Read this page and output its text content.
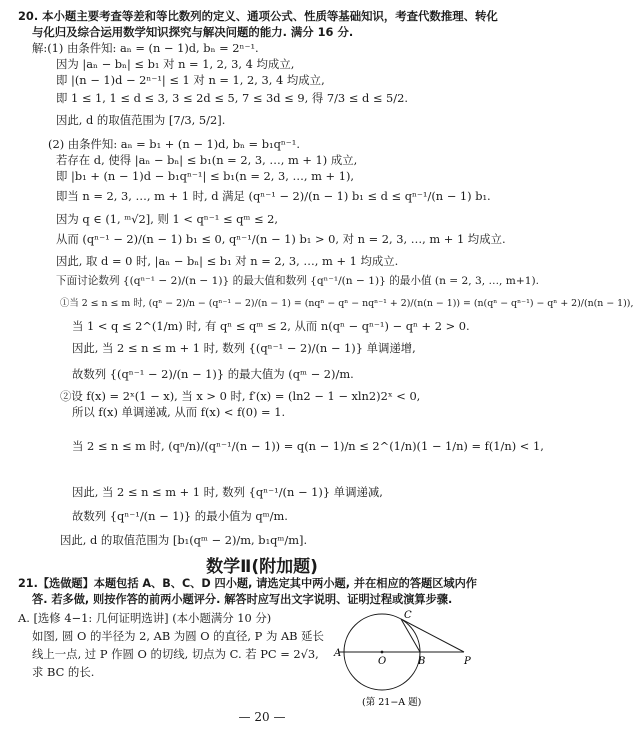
20. 本小题主要考查等差和等比数列的定义、通项公式、性质等基础知识，考查代数推理、转化
与化归及综合运用数学知识探究与解决问题的能力. 满分 16 分.
解:(1) 由条件知: aₙ = (n − 1)d, bₙ = 2ⁿ⁻¹.
因为 |aₙ − bₙ| ≤ b₁ 对 n = 1, 2, 3, 4 均成立,
即 |(n − 1)d − 2ⁿ⁻¹| ≤ 1 对 n = 1, 2, 3, 4 均成立,
即 1 ≤ 1, 1 ≤ d ≤ 3, 3 ≤ 2d ≤ 5, 7 ≤ 3d ≤ 9, 得 7/3 ≤ d ≤ 5/2.
因此, d 的取值范围为 [7/3, 5/2].
(2) 由条件知: aₙ = b₁ + (n − 1)d, bₙ = b₁qⁿ⁻¹.
若存在 d, 使得 |aₙ − bₙ| ≤ b₁(n = 2, 3, …, m + 1) 成立,
即 |b₁ + (n − 1)d − b₁qⁿ⁻¹| ≤ b₁(n = 2, 3, …, m + 1),
即当 n = 2, 3, …, m + 1 时, d 满足 (qⁿ⁻¹ − 2)/(n − 1) b₁ ≤ d ≤ qⁿ⁻¹/(n − 1) b₁.
因为 q ∈ (1, ᵐ√2], 则 1 < qⁿ⁻¹ ≤ qᵐ ≤ 2,
从而 (qⁿ⁻¹ − 2)/(n − 1) b₁ ≤ 0, qⁿ⁻¹/(n − 1) b₁ > 0, 对 n = 2, 3, …, m + 1 均成立.
因此, 取 d = 0 时, |aₙ − bₙ| ≤ b₁ 对 n = 2, 3, …, m + 1 均成立.
下面讨论数列 {(qⁿ⁻¹ − 2)/(n − 1)} 的最大值和数列 {qⁿ⁻¹/(n − 1)} 的最小值 (n = 2, 3, …, m+1).
①当 2 ≤ n ≤ m 时, (qⁿ − 2)/n − (qⁿ⁻¹ − 2)/(n − 1) = (nqⁿ − qⁿ − nqⁿ⁻¹ + 2)/(n(n − 1)) = (n(qⁿ − qⁿ⁻¹) − qⁿ + 2)/(n(n − 1)),
当 1 < q ≤ 2^(1/m) 时, 有 qⁿ ≤ qᵐ ≤ 2, 从而 n(qⁿ − qⁿ⁻¹) − qⁿ + 2 > 0.
因此, 当 2 ≤ n ≤ m + 1 时, 数列 {(qⁿ⁻¹ − 2)/(n − 1)} 单调递增,
故数列 {(qⁿ⁻¹ − 2)/(n − 1)} 的最大值为 (qᵐ − 2)/m.
②设 f(x) = 2ˣ(1 − x), 当 x > 0 时, f′(x) = (ln2 − 1 − xln2)2ˣ < 0,
所以 f(x) 单调递减, 从而 f(x) < f(0) = 1.
当 2 ≤ n ≤ m 时, (qⁿ/n)/(qⁿ⁻¹/(n − 1)) = q(n − 1)/n ≤ 2^(1/n)(1 − 1/n) = f(1/n) < 1,
因此, 当 2 ≤ n ≤ m + 1 时, 数列 {qⁿ⁻¹/(n − 1)} 单调递减,
故数列 {qⁿ⁻¹/(n − 1)} 的最小值为 qᵐ/m.
因此, d 的取值范围为 [b₁(qᵐ − 2)/m, b₁qᵐ/m].
数学Ⅱ(附加题)
21.【选做题】本题包括 A、B、C、D 四小题, 请选定其中两小题, 并在相应的答题区域内作
答. 若多做, 则按作答的前两小题评分. 解答时应写出文字说明、证明过程或演算步骤.
A. [选修 4−1: 几何证明选讲] (本小题满分 10 分)
如图, 圆 O 的半径为 2, AB 为圆 O 的直径, P 为 AB 延长
线上一点, 过 P 作圆 O 的切线, 切点为 C. 若 PC = 2√3,
求 BC 的长.
A
O	B	P
C
(第 21−A 题)
— 20 —
